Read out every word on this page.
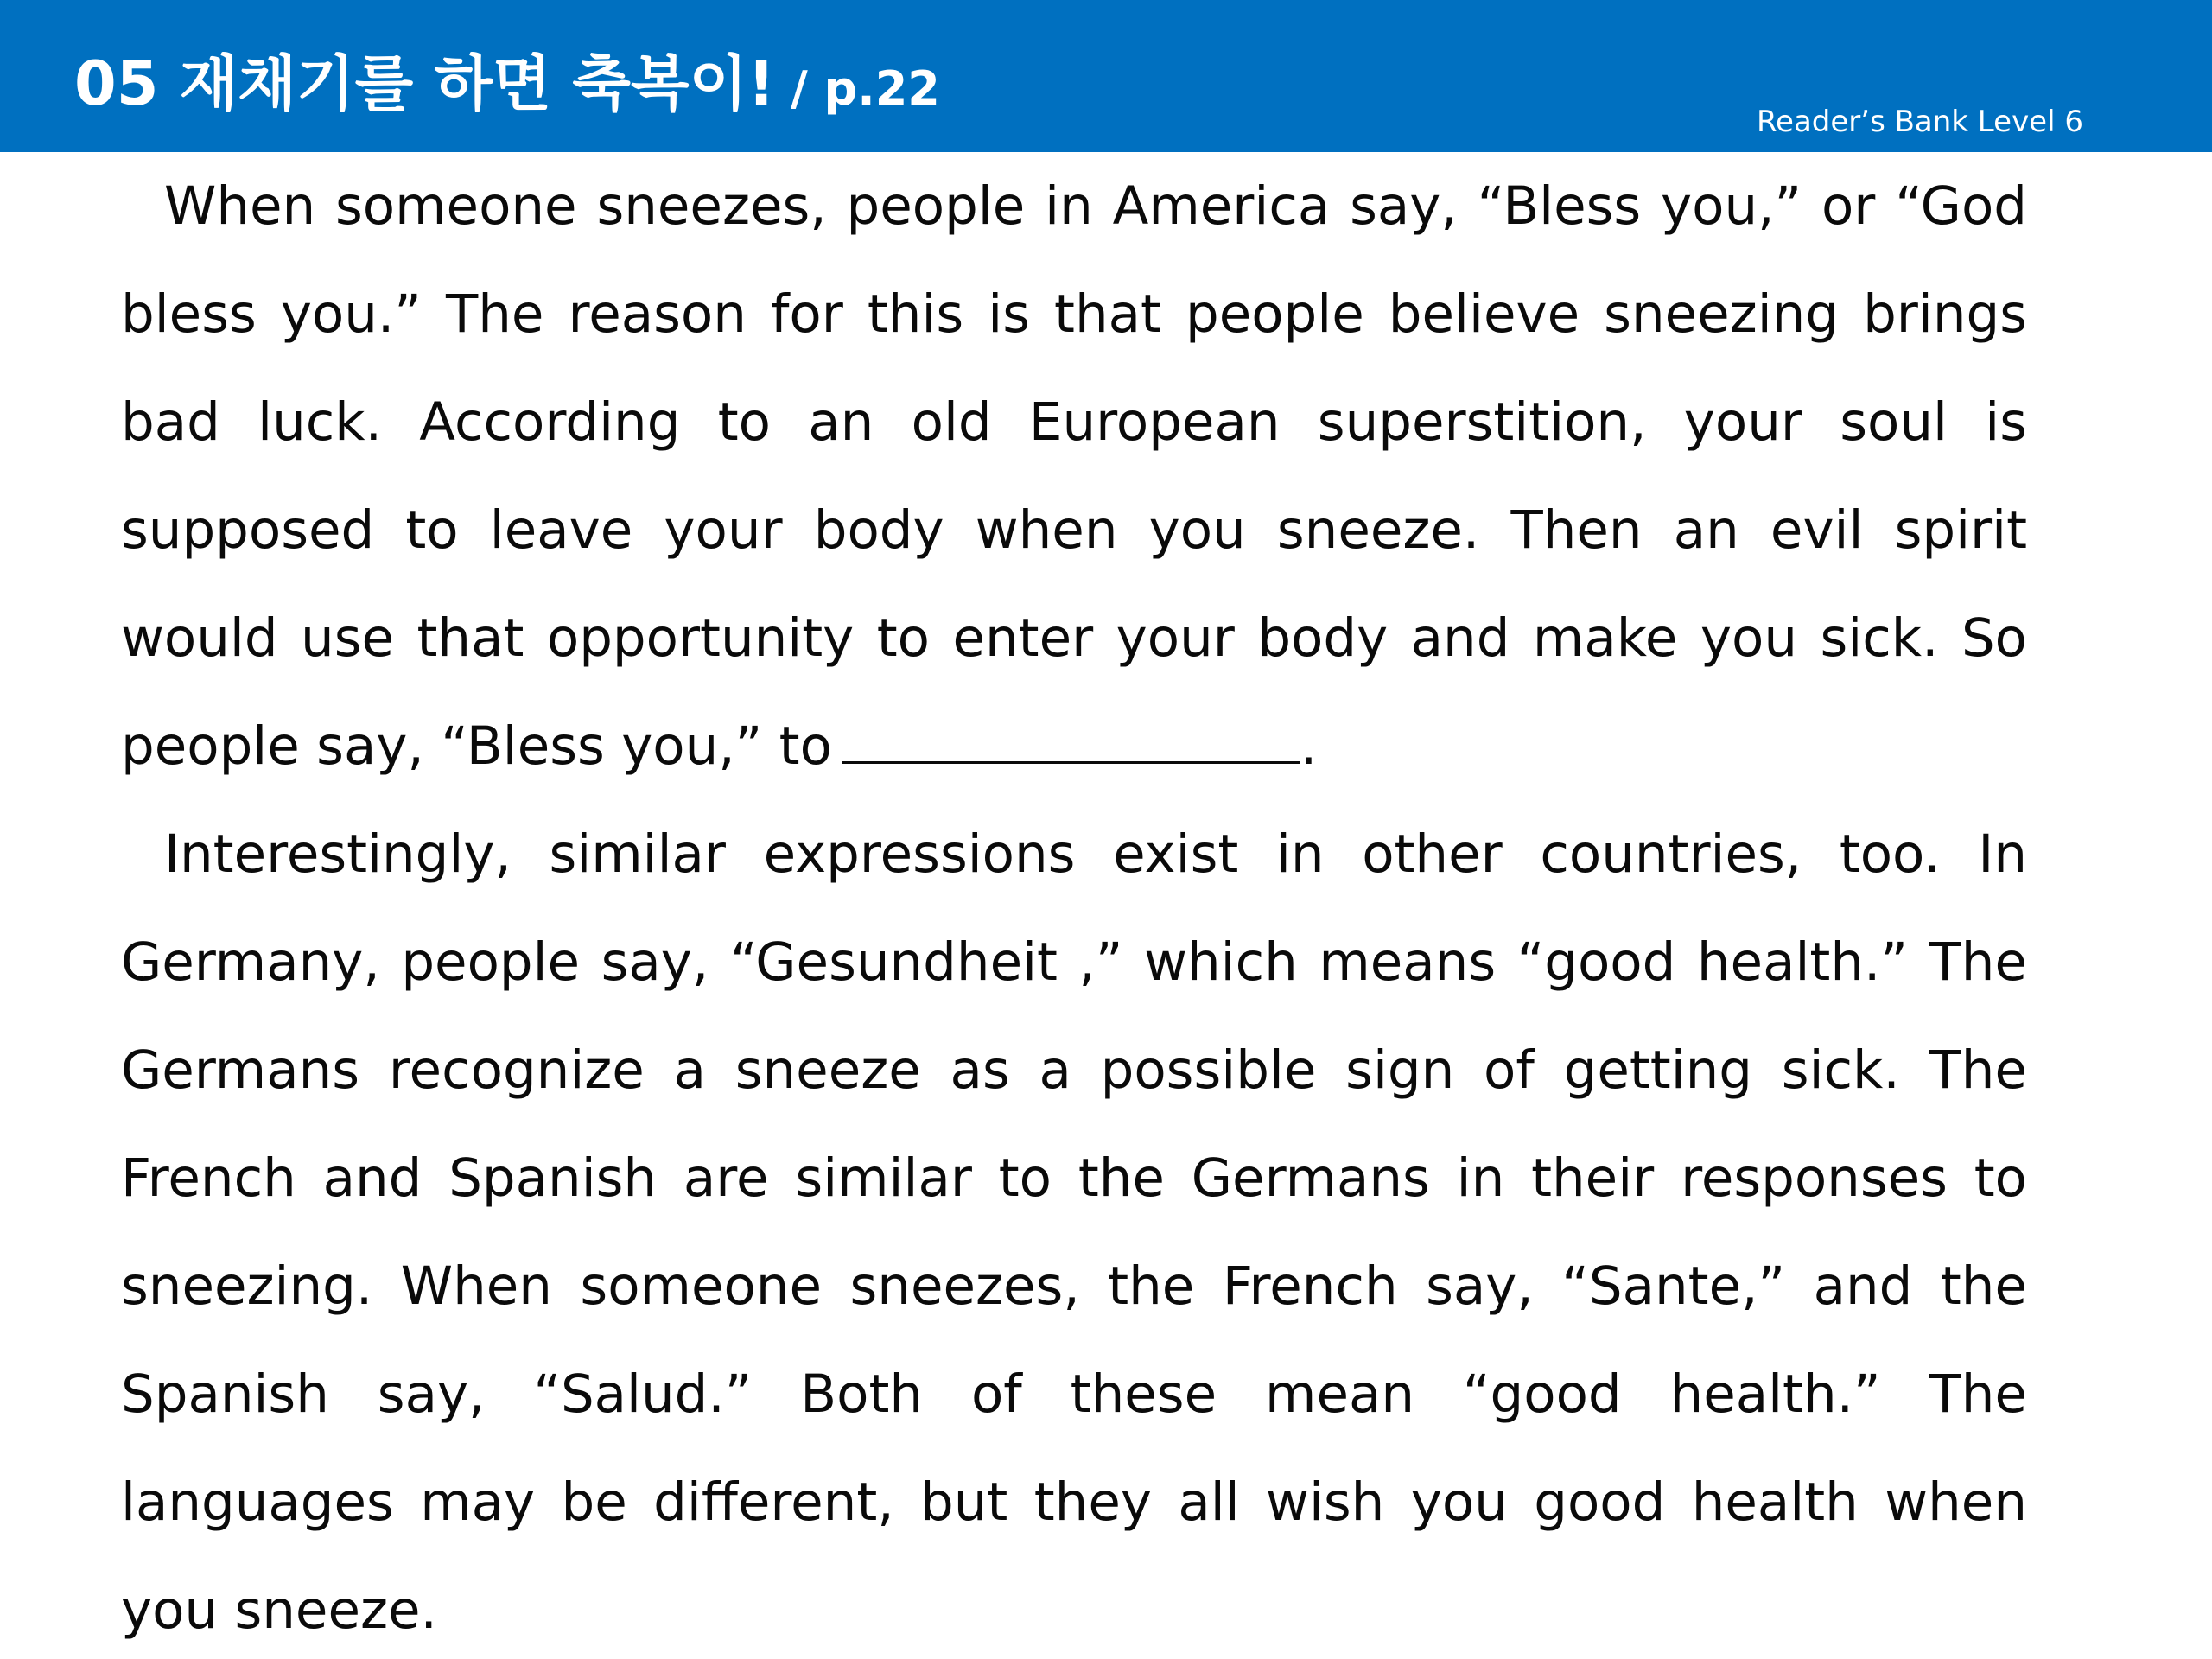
05 재채기를 하면 축복이! / p.22
Reader’s Bank Level 6

When someone sneezes, people in America say, “Bless you,” or “God bless you.” The reason for this is that people believe sneezing brings bad luck. According to an old European superstition, your soul is supposed to leave your body when you sneeze. Then an evil spirit would use that opportunity to enter your body and make you sick. So people say, “Bless you,” to	.

Interestingly, similar expressions exist in other countries, too. In Germany, people say, “Gesundheit ,” which means “good health.” The Germans recognize a sneeze as a possible sign of getting sick. The French and Spanish are similar to the Germans in their responses to sneezing. When someone sneezes, the French say, “Sante,” and the Spanish say, “Salud.” Both of these mean “good health.” The languages may be different, but they all wish you good health when you sneeze.
